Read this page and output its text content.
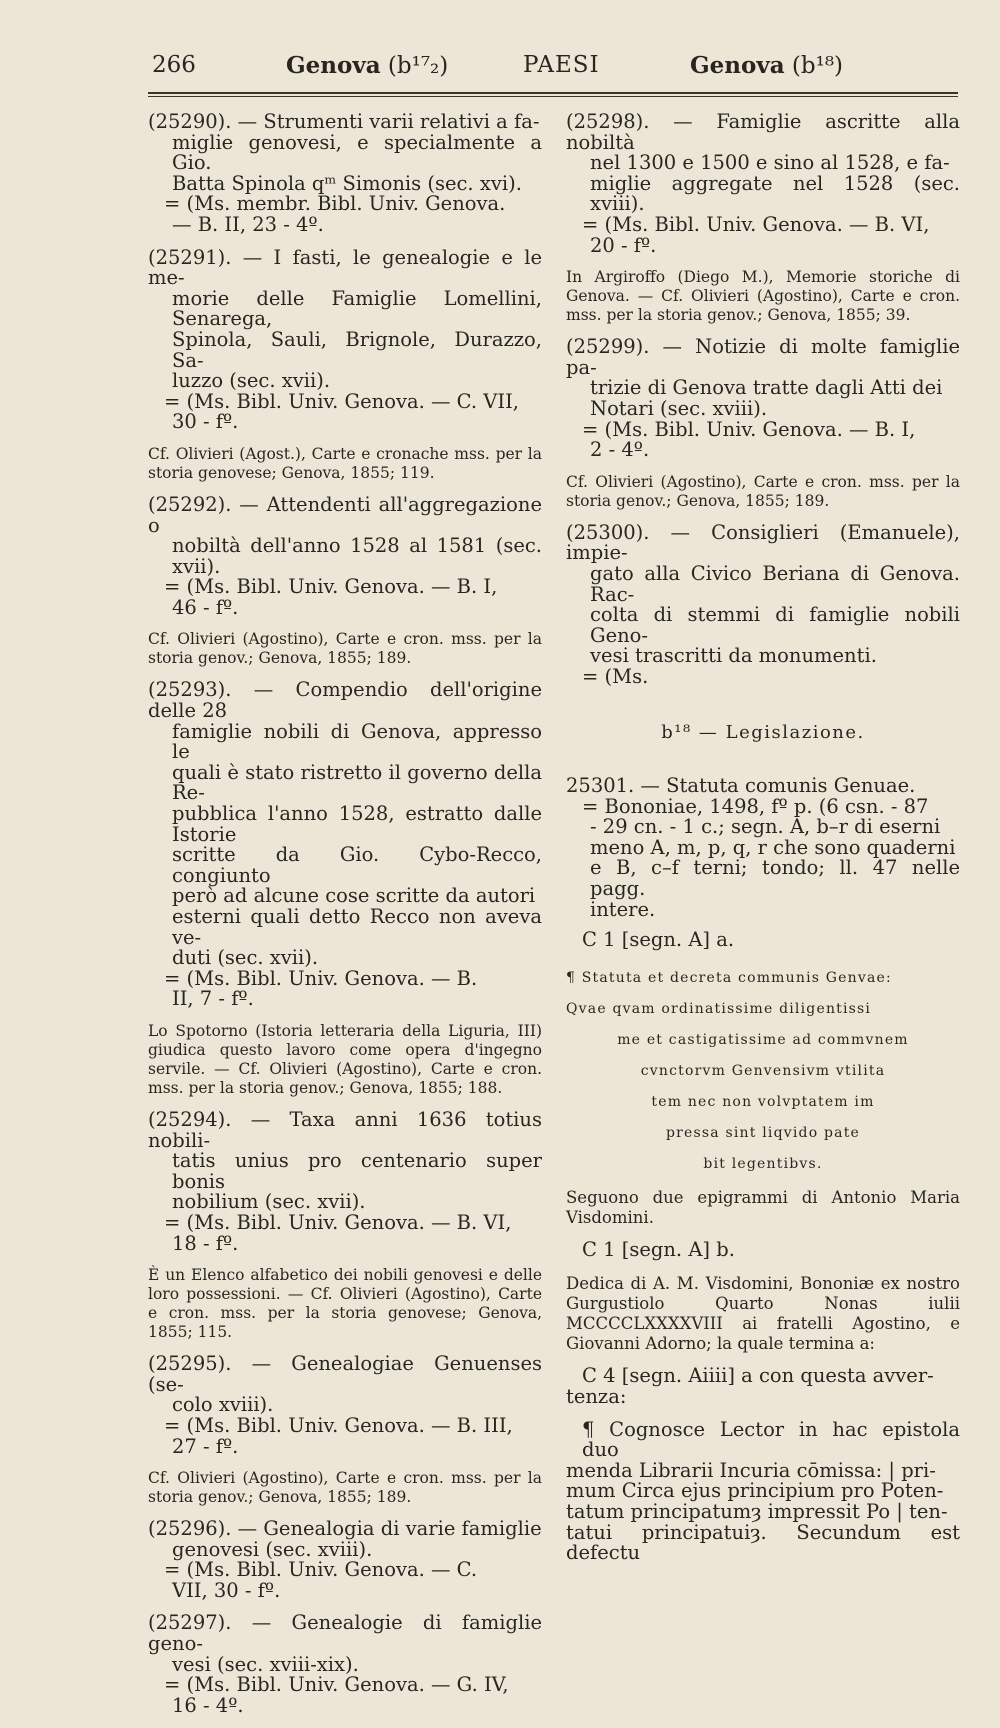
266	Genova (b¹⁷₂)	PAESI	Genova (b¹⁸)
(25290). — Strumenti varii relativi a fa-
miglie genovesi, e specialmente a Gio.
Batta Spinola qᵐ Simonis (sec. xvi).
= (Ms. membr. Bibl. Univ. Genova.
— B. II, 23 - 4º.
(25291). — I fasti, le genealogie e le me-
morie delle Famiglie Lomellini, Senarega,
Spinola, Sauli, Brignole, Durazzo, Sa-
luzzo (sec. xvii).
= (Ms. Bibl. Univ. Genova. — C. VII,
30 - fº.
Cf. Olivieri (Agost.), Carte e cronache mss. per la storia genovese; Genova, 1855; 119.
(25292). — Attendenti all'aggregazione o
nobiltà dell'anno 1528 al 1581 (sec. xvii).
= (Ms. Bibl. Univ. Genova. — B. I,
46 - fº.
Cf. Olivieri (Agostino), Carte e cron. mss. per la storia genov.; Genova, 1855; 189.
(25293). — Compendio dell'origine delle 28
famiglie nobili di Genova, appresso le
quali è stato ristretto il governo della Re-
pubblica l'anno 1528, estratto dalle Istorie
scritte da Gio. Cybo-Recco, congiunto
però ad alcune cose scritte da autori
esterni quali detto Recco non aveva ve-
duti (sec. xvii).
= (Ms. Bibl. Univ. Genova. — B.
II, 7 - fº.
Lo Spotorno (Istoria letteraria della Liguria, III) giudica questo lavoro come opera d'ingegno servile. — Cf. Olivieri (Agostino), Carte e cron. mss. per la storia genov.; Genova, 1855; 188.
(25294). — Taxa anni 1636 totius nobili-
tatis unius pro centenario super bonis
nobilium (sec. xvii).
= (Ms. Bibl. Univ. Genova. — B. VI,
18 - fº.
È un Elenco alfabetico dei nobili genovesi e delle loro possessioni. — Cf. Olivieri (Agostino), Carte e cron. mss. per la storia genovese; Genova, 1855; 115.
(25295). — Genealogiae Genuenses (se-
colo xviii).
= (Ms. Bibl. Univ. Genova. — B. III,
27 - fº.
Cf. Olivieri (Agostino), Carte e cron. mss. per la storia genov.; Genova, 1855; 189.
(25296). — Genealogia di varie famiglie
genovesi (sec. xviii).
= (Ms. Bibl. Univ. Genova. — C.
VII, 30 - fº.
(25297). — Genealogie di famiglie geno-
vesi (sec. xviii-xix).
= (Ms. Bibl. Univ. Genova. — G. IV,
16 - 4º.
(25298). — Famiglie ascritte alla nobiltà
nel 1300 e 1500 e sino al 1528, e fa-
miglie aggregate nel 1528 (sec. xviii).
= (Ms. Bibl. Univ. Genova. — B. VI,
20 - fº.
In Argiroffo (Diego M.), Memorie storiche di Genova. — Cf. Olivieri (Agostino), Carte e cron. mss. per la storia genov.; Genova, 1855; 39.
(25299). — Notizie di molte famiglie pa-
trizie di Genova tratte dagli Atti dei
Notari (sec. xviii).
= (Ms. Bibl. Univ. Genova. — B. I,
2 - 4º.
Cf. Olivieri (Agostino), Carte e cron. mss. per la storia genov.; Genova, 1855; 189.
(25300). — Consiglieri (Emanuele), impie-
gato alla Civico Beriana di Genova. Rac-
colta di stemmi di famiglie nobili Geno-
vesi trascritti da monumenti.
= (Ms.
b¹⁸ — Legislazione.
25301. — Statuta comunis Genuae.
= Bononiae, 1498, fº p. (6 csn. - 87
- 29 cn. - 1 c.; segn. A, b–r di eserni
meno A, m, p, q, r che sono quaderni
e B, c–f terni; tondo; ll. 47 nelle pagg.
intere.
C 1 [segn. A] a.
¶ Statuta et decreta communis Genvae:
Qvae qvam ordinatissime diligentissi
me et castigatissime ad commvnem
cvnctorvm Genvensivm vtilita
tem nec non volvptatem im
pressa sint liqvido pate
bit legentibvs.
Seguono due epigrammi di Antonio Maria Visdomini.
C 1 [segn. A] b.
Dedica di A. M. Visdomini, Bononiæ ex nostro Gurgustiolo Quarto Nonas iulii MCCCCLXXXXVIII ai fratelli Agostino, e Giovanni Adorno; la quale termina a:
C 4 [segn. Aiiii] a con questa avver-
tenza:
¶ Cognosce Lector in hac epistola duo
menda Librarii Incuria cōmissa: | pri-
mum Circa ejus principium pro Poten-
tatum principatumȝ impressit Po | ten-
tatui principatuiȝ. Secundum est defectu
